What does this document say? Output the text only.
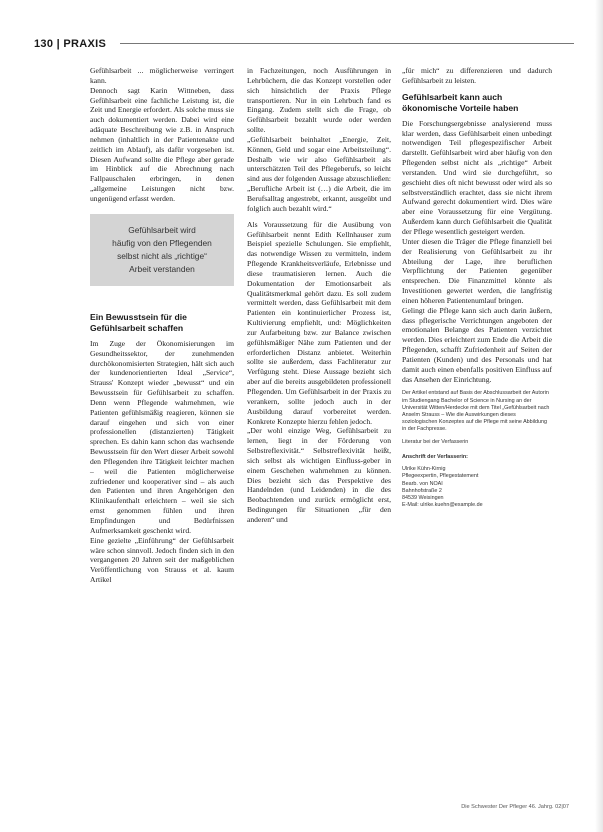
130 | PRAXIS

Gefühlsarbeit ... möglicherweise verringert kann.

Dennoch sagt Karin Wittneben, dass Gefühlsarbeit eine fachliche Leistung ist, die Zeit und Energie erfordert. Als solche muss sie auch dokumentiert werden. Dabei wird eine adäquate Beschreibung wie z.B. in Anspruch nehmen (inhaltlich in der Patientenakte und zeitlich im Ablauf), als dafür vorgesehen ist. Diesen Aufwand sollte die Pflege aber gerade im Hinblick auf die Abrechnung nach Fallpauschalen erbringen, in denen „allgemeine Leistungen nicht bzw. ungenügend erfasst werden.

Gefühlsarbeit wird
häufig von den Pflegenden
selbst nicht als „richtige“
Arbeit verstanden
Ein Bewusstsein für die Gefühlsarbeit schaffen

Im Zuge der Ökonomisierungen im Gesundheitssektor, der zunehmenden durchökonomisierten Strategien, hält sich auch der kundenorientierten Ideal „Service“, Strauss' Konzept wieder „bewusst“ und ein Bewusstsein für Gefühlsarbeit zu schaffen. Denn wenn Pflegende wahrnehmen, wie Patienten gefühlsmäßig reagieren, können sie darauf eingehen und sich von einer professionellen (distanzierten) Tätigkeit sprechen. Es dahin kann schon das wachsende Bewusstsein für den Wert dieser Arbeit sowohl den Pflegenden ihre Tätigkeit leichter machen – weil die Patienten möglicherweise zufriedener und kooperativer sind – als auch den Patienten und ihren Angehörigen den Klinikaufenthalt erleichtern – weil sie sich ernst genommen fühlen und ihren Empfindungen und Bedürfnissen Aufmerksamkeit geschenkt wird.

Eine gezielte „Einführung“ der Gefühlsarbeit wäre schon sinnvoll. Jedoch finden sich in den vergangenen 20 Jahren seit der maßgeblichen Veröffentlichung von Strauss et al. kaum Artikel

in Fachzeitungen, noch Ausführungen in Lehrbüchern, die das Konzept vorstellen oder sich hinsichtlich der Praxis Pflege transportieren. Nur in ein Lehrbuch fand es Eingang. Zudem stellt sich die Frage, ob Gefühlsarbeit bezahlt wurde oder werden sollte.

„Gefühlsarbeit beinhaltet „Energie, Zeit, Können, Geld und sogar eine Arbeitsteilung“. Deshalb wie wir also Gefühlsarbeit als unterschätzten Teil des Pflegeberufs, so leicht sind aus der folgenden Aussage abzuschließen: „Berufliche Arbeit ist (…) die Arbeit, die im Berufsalltag angestrebt, erkannt, ausgeübt und folglich auch bezahlt wird.“

Als Voraussetzung für die Ausübung von Gefühlsarbeit nennt Edith Kellnhauser zum Beispiel spezielle Schulungen. Sie empfiehlt, das notwendige Wissen zu vermitteln, indem Pflegende Krankheitsverläufe, Erlebnisse und diese traumatisieren lernen. Auch die Dokumentation der Emotionsarbeit als Qualitätsmerkmal gehört dazu. Es soll zudem vermittelt werden, dass Gefühlsarbeit mit dem Patienten ein kontinuierlicher Prozess ist, Kultivierung empfiehlt, und: Möglichkeiten zur Aufarbeitung bzw. zur Balance zwischen gefühlsmäßiger Nähe zum Patienten und der erforderlichen Distanz anbietet. Weiterhin sollte sie außerdem, dass Fachliteratur zur Verfügung steht. Diese Aussage bezieht sich aber auf die bereits ausgebildeten professionell Pflegenden. Um Gefühlsarbeit in der Praxis zu verankern, sollte jedoch auch in der Ausbildung darauf vorbereitet werden. Konkrete Konzepte hierzu fehlen jedoch.

„Der wohl einzige Weg, Gefühlsarbeit zu lernen, liegt in der Förderung von Selbstreflexivität.“ Selbstreflexivität heißt, sich selbst als wichtigen Einfluss-geber in einem Geschehen wahrnehmen zu können. Dies bezieht sich das Perspektive des Handelnden (und Leidenden) in die des Beobachtenden und zurück ermöglicht erst, Bedingungen für Situationen „für den anderen“ und

„für mich“ zu differenzieren und dadurch Gefühlsarbeit zu leisten.

Gefühlsarbeit kann auch ökonomische Vorteile haben

Die Forschungsergebnisse analysierend muss klar werden, dass Gefühlsarbeit einen unbedingt notwendigen Teil pflegespezifischer Arbeit darstellt. Gefühlsarbeit wird aber häufig von den Pflegenden selbst nicht als „richtige“ Arbeit verstanden. Und wird sie durchgeführt, so geschieht dies oft nicht bewusst oder wird als so selbstverständlich erachtet, dass sie nicht ihrem Aufwand gerecht dokumentiert wird. Dies wäre aber eine Voraussetzung für eine Vergütung. Außerdem kann durch Gefühlsarbeit die Qualität der Pflege wesentlich gesteigert werden.

Unter diesen die Träger die Pflege finanziell bei der Realisierung von Gefühlsarbeit zu ihr Abteilung der Lage, ihre beruflichen Verpflichtung der Patienten gegenüber entsprechen. Die Finanzmittel könnte als Investitionen gewertet werden, die langfristig einen höheren Patientenumlauf bringen.

Gelingt die Pflege kann sich auch darin äußern, dass pflegerische Verrichtungen angeboten der emotionalen Belange des Patienten verzichtet werden. Dies erleichtert zum Ende die Arbeit die Pflegenden, schafft Zufriedenheit auf Seiten der Patienten (Kunden) und des Personals und hat damit auch einen ebenfalls positiven Einfluss auf das Ansehen der Einrichtung.

Der Artikel entstand auf Basis der Abschlussarbeit der Autorin im Studiengang Bachelor of Science in Nursing an der Universität Witten/Herdecke mit dem Titel „Gefühlsarbeit nach Anselm Strauss – Wie die Auswirkungen dieses soziologischen Konzeptes auf die Pflege mit seine Abbildung in der Fachpresse.

Literatur bei der Verfasserin

Anschrift der Verfasserin:

Ulrike Kühn-Kirnig
Pflegeexpertin, Pflegestatement
Bearb. von NOAI
Bahnhofstraße 2
84539 Weisingen
E-Mail: ulrike.kuehn@example.de
Die Schwester Der Pfleger 46. Jahrg. 02|07
